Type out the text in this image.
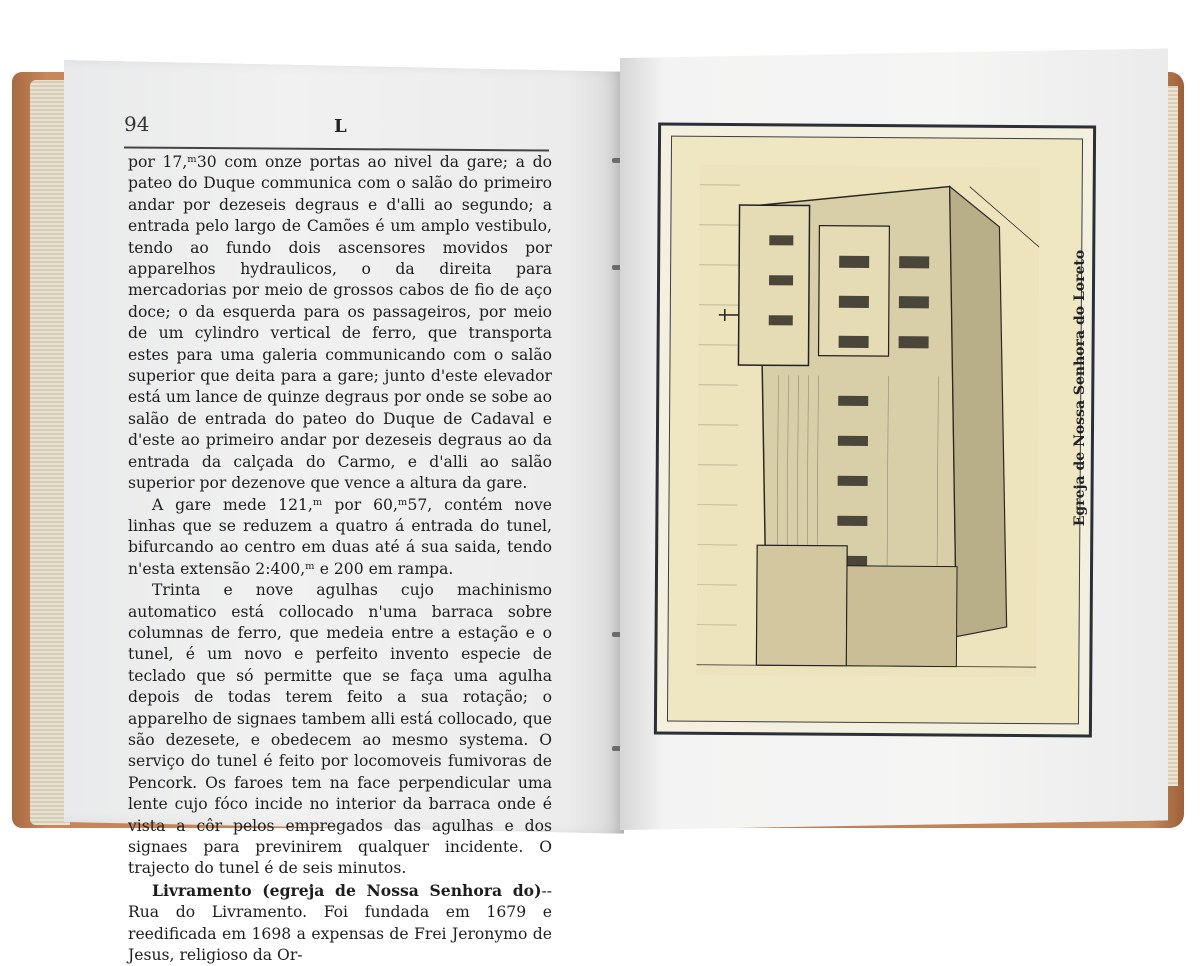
94	L

por 17,ᵐ30 com onze portas ao nivel da gare; a do pateo do Duque communica com o salão do primeiro andar por dezeseis degraus e d'alli ao segundo; a entrada pelo largo de Camões é um amplo vestibulo, tendo ao fundo dois ascensores movidos por apparelhos hydraulicos, o da direita para mercadorias por meio de grossos cabos de fio de aço doce; o da esquerda para os passageiros, por meio de um cylindro vertical de ferro, que transporta estes para uma galeria communicando com o salão superior que deita para a gare; junto d'este elevador está um lance de quinze degraus por onde se sobe ao salão de entrada do pateo do Duque de Cadaval e d'este ao primeiro andar por dezeseis degraus ao da entrada da calçada do Carmo, e d'alli ao salão superior por dezenove que vence a altura da gare.

A gare mede 121,ᵐ por 60,ᵐ57, contém nove linhas que se reduzem a quatro á entrada do tunel, bifurcando ao centro em duas até á sua saida, tendo n'esta extensão 2:400,ᵐ e 200 em rampa.

Trinta e nove agulhas cujo machinismo automatico está collocado n'uma barraca sobre columnas de ferro, que medeia entre a estação e o tunel, é um novo e perfeito invento especie de teclado que só permitte que se faça uma agulha depois de todas terem feito a sua rotação; o apparelho de signaes tambem alli está collocado, que são dezesete, e obedecem ao mesmo systema. O serviço do tunel é feito por locomoveis fumivoras de Pencork. Os faroes tem na face perpendicular uma lente cujo fóco incide no interior da barraca onde é vista a côr pelos empregados das agulhas e dos signaes para previnirem qualquer incidente. O trajecto do tunel é de seis minutos.

Livramento (egreja de Nossa Senhora do)--Rua do Livramento. Foi fundada em 1679 e reedificada em 1698 a expensas de Frei Jeronymo de Jesus, religioso da Or-

Egreja de Nossa Senhora do Loreto
